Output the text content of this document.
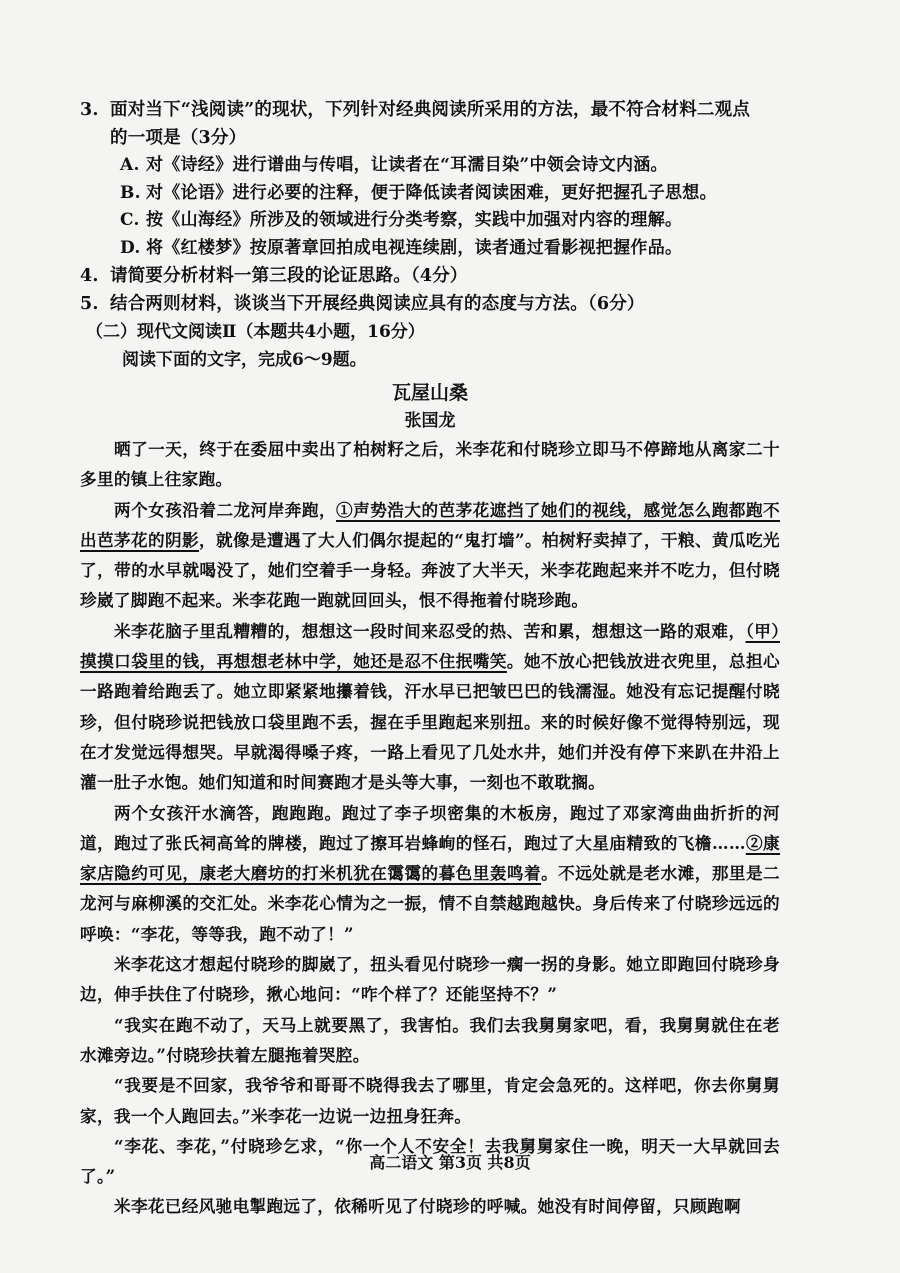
3. 面对当下“浅阅读”的现状，下列针对经典阅读所采用的方法，最不符合材料二观点

的一项是（3分）

A. 对《诗经》进行谱曲与传唱，让读者在“耳濡目染”中领会诗文内涵。

B. 对《论语》进行必要的注释，便于降低读者阅读困难，更好把握孔子思想。

C. 按《山海经》所涉及的领域进行分类考察，实践中加强对内容的理解。

D. 将《红楼梦》按原著章回拍成电视连续剧，读者通过看影视把握作品。

4. 请简要分析材料一第三段的论证思路。（4分）

5. 结合两则材料，谈谈当下开展经典阅读应具有的态度与方法。（6分）

（二）现代文阅读Ⅱ（本题共4小题，16分）

阅读下面的文字，完成6～9题。

瓦屋山桑

张国龙

晒了一天，终于在委屈中卖出了柏树籽之后，米李花和付晓珍立即马不停蹄地从离家二十多里的镇上往家跑。

两个女孩沿着二龙河岸奔跑，①声势浩大的芭茅花遮挡了她们的视线，感觉怎么跑都跑不出芭茅花的阴影，就像是遭遇了大人们偶尔提起的“鬼打墙”。柏树籽卖掉了，干粮、黄瓜吃光了，带的水早就喝没了，她们空着手一身轻。奔波了大半天，米李花跑起来并不吃力，但付晓珍崴了脚跑不起来。米李花跑一跑就回回头，恨不得拖着付晓珍跑。

米李花脑子里乱糟糟的，想想这一段时间来忍受的热、苦和累，想想这一路的艰难，（甲）摸摸口袋里的钱，再想想老林中学，她还是忍不住抿嘴笑。她不放心把钱放进衣兜里，总担心一路跑着给跑丢了。她立即紧紧地攥着钱，汗水早已把皱巴巴的钱濡湿。她没有忘记提醒付晓珍，但付晓珍说把钱放口袋里跑不丢，握在手里跑起来别扭。来的时候好像不觉得特别远，现在才发觉远得想哭。早就渴得嗓子疼，一路上看见了几处水井，她们并没有停下来趴在井沿上灌一肚子水饱。她们知道和时间赛跑才是头等大事，一刻也不敢耽搁。

两个女孩汗水滴答，跑跑跑。跑过了李子坝密集的木板房，跑过了邓家湾曲曲折折的河道，跑过了张氏祠高耸的牌楼，跑过了擦耳岩蜂峋的怪石，跑过了大星庙精致的飞檐……②康家店隐约可见，康老大磨坊的打米机犹在霭霭的暮色里轰鸣着。不远处就是老水滩，那里是二龙河与麻柳溪的交汇处。米李花心情为之一振，情不自禁越跑越快。身后传来了付晓珍远远的呼唤：“李花，等等我，跑不动了！”

米李花这才想起付晓珍的脚崴了，扭头看见付晓珍一瘸一拐的身影。她立即跑回付晓珍身边，伸手扶住了付晓珍，揪心地问：“咋个样了？还能坚持不？”

“我实在跑不动了，天马上就要黑了，我害怕。我们去我舅舅家吧，看，我舅舅就住在老水滩旁边。”付晓珍扶着左腿拖着哭腔。

“我要是不回家，我爷爷和哥哥不晓得我去了哪里，肯定会急死的。这样吧，你去你舅舅家，我一个人跑回去。”米李花一边说一边扭身狂奔。

“李花、李花，”付晓珍乞求，“你一个人不安全！去我舅舅家住一晚，明天一大早就回去了。”

米李花已经风驰电掣跑远了，依稀听见了付晓珍的呼喊。她没有时间停留，只顾跑啊

高二语文 第3页 共8页
